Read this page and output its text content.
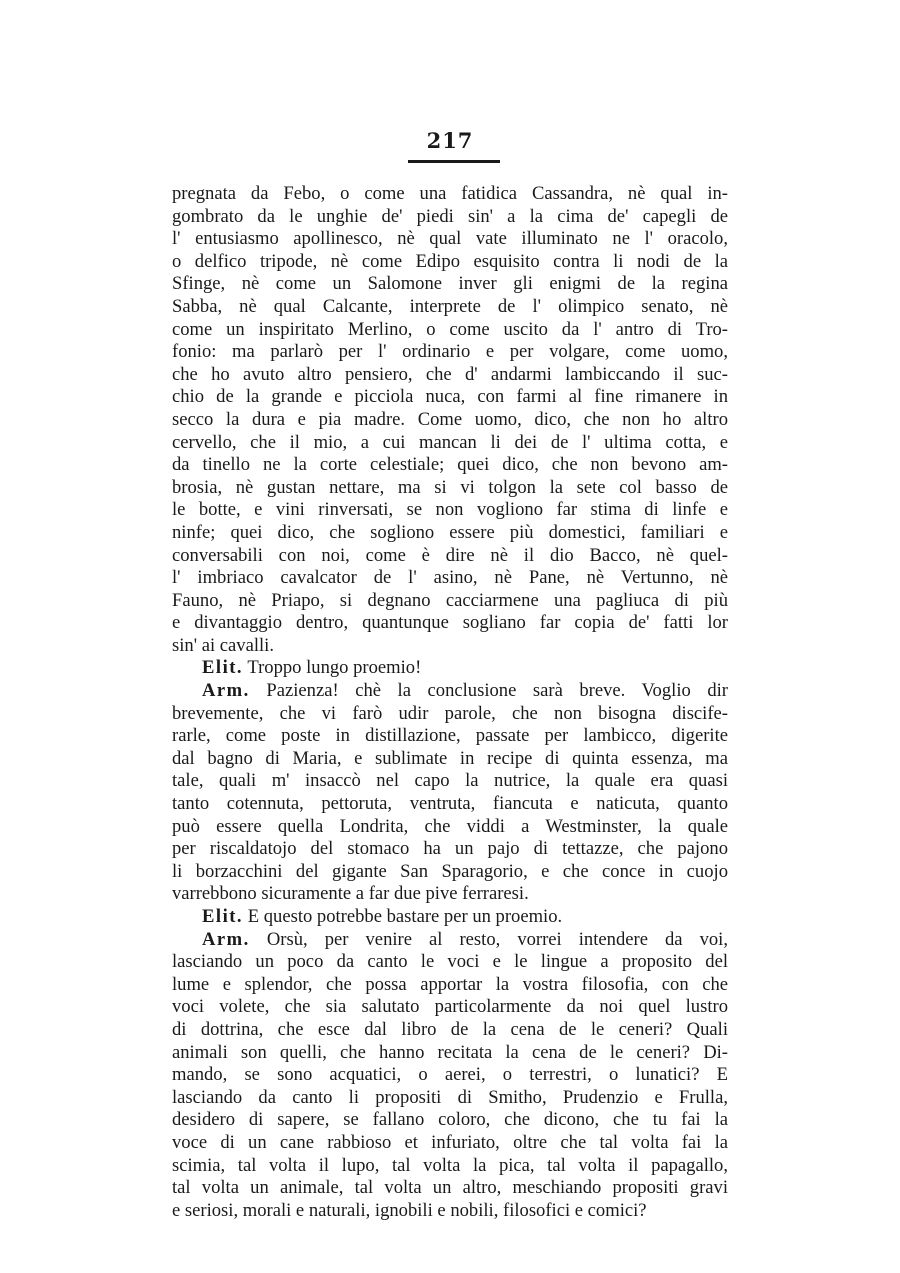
217
pregnata da Febo, o come una fatidica Cassandra, nè qual in-
gombrato da le unghie de' piedi sin' a la cima de' capegli de
l' entusiasmo apollinesco, nè qual vate illuminato ne l' oracolo,
o delfico tripode, nè come Edipo esquisito contra li nodi de la
Sfinge, nè come un Salomone inver gli enigmi de la regina
Sabba, nè qual Calcante, interprete de l' olimpico senato, nè
come un inspiritato Merlino, o come uscito da l' antro di Tro-
fonio: ma parlarò per l' ordinario e per volgare, come uomo,
che ho avuto altro pensiero, che d' andarmi lambiccando il suc-
chio de la grande e picciola nuca, con farmi al fine rimanere in
secco la dura e pia madre. Come uomo, dico, che non ho altro
cervello, che il mio, a cui mancan li dei de l' ultima cotta, e
da tinello ne la corte celestiale; quei dico, che non bevono am-
brosia, nè gustan nettare, ma si vi tolgon la sete col basso de
le botte, e vini rinversati, se non vogliono far stima di linfe e
ninfe; quei dico, che sogliono essere più domestici, familiari e
conversabili con noi, come è dire nè il dio Bacco, nè quel-
l' imbriaco cavalcator de l' asino, nè Pane, nè Vertunno, nè
Fauno, nè Priapo, si degnano cacciarmene una pagliuca di più
e divantaggio dentro, quantunque sogliano far copia de' fatti lor
sin' ai cavalli.
Elit. Troppo lungo proemio!
Arm. Pazienza! chè la conclusione sarà breve. Voglio dir
brevemente, che vi farò udir parole, che non bisogna discife-
rarle, come poste in distillazione, passate per lambicco, digerite
dal bagno di Maria, e sublimate in recipe di quinta essenza, ma
tale, quali m' insaccò nel capo la nutrice, la quale era quasi
tanto cotennuta, pettoruta, ventruta, fiancuta e naticuta, quanto
può essere quella Londrita, che viddi a Westminster, la quale
per riscaldatojo del stomaco ha un pajo di tettazze, che pajono
li borzacchini del gigante San Sparagorio, e che conce in cuojo
varrebbono sicuramente a far due pive ferraresi.
Elit. E questo potrebbe bastare per un proemio.
Arm. Orsù, per venire al resto, vorrei intendere da voi,
lasciando un poco da canto le voci e le lingue a proposito del
lume e splendor, che possa apportar la vostra filosofia, con che
voci volete, che sia salutato particolarmente da noi quel lustro
di dottrina, che esce dal libro de la cena de le ceneri? Quali
animali son quelli, che hanno recitata la cena de le ceneri? Di-
mando, se sono acquatici, o aerei, o terrestri, o lunatici? E
lasciando da canto li propositi di Smitho, Prudenzio e Frulla,
desidero di sapere, se fallano coloro, che dicono, che tu fai la
voce di un cane rabbioso et infuriato, oltre che tal volta fai la
scimia, tal volta il lupo, tal volta la pica, tal volta il papagallo,
tal volta un animale, tal volta un altro, meschiando propositi gravi
e seriosi, morali e naturali, ignobili e nobili, filosofici e comici?
